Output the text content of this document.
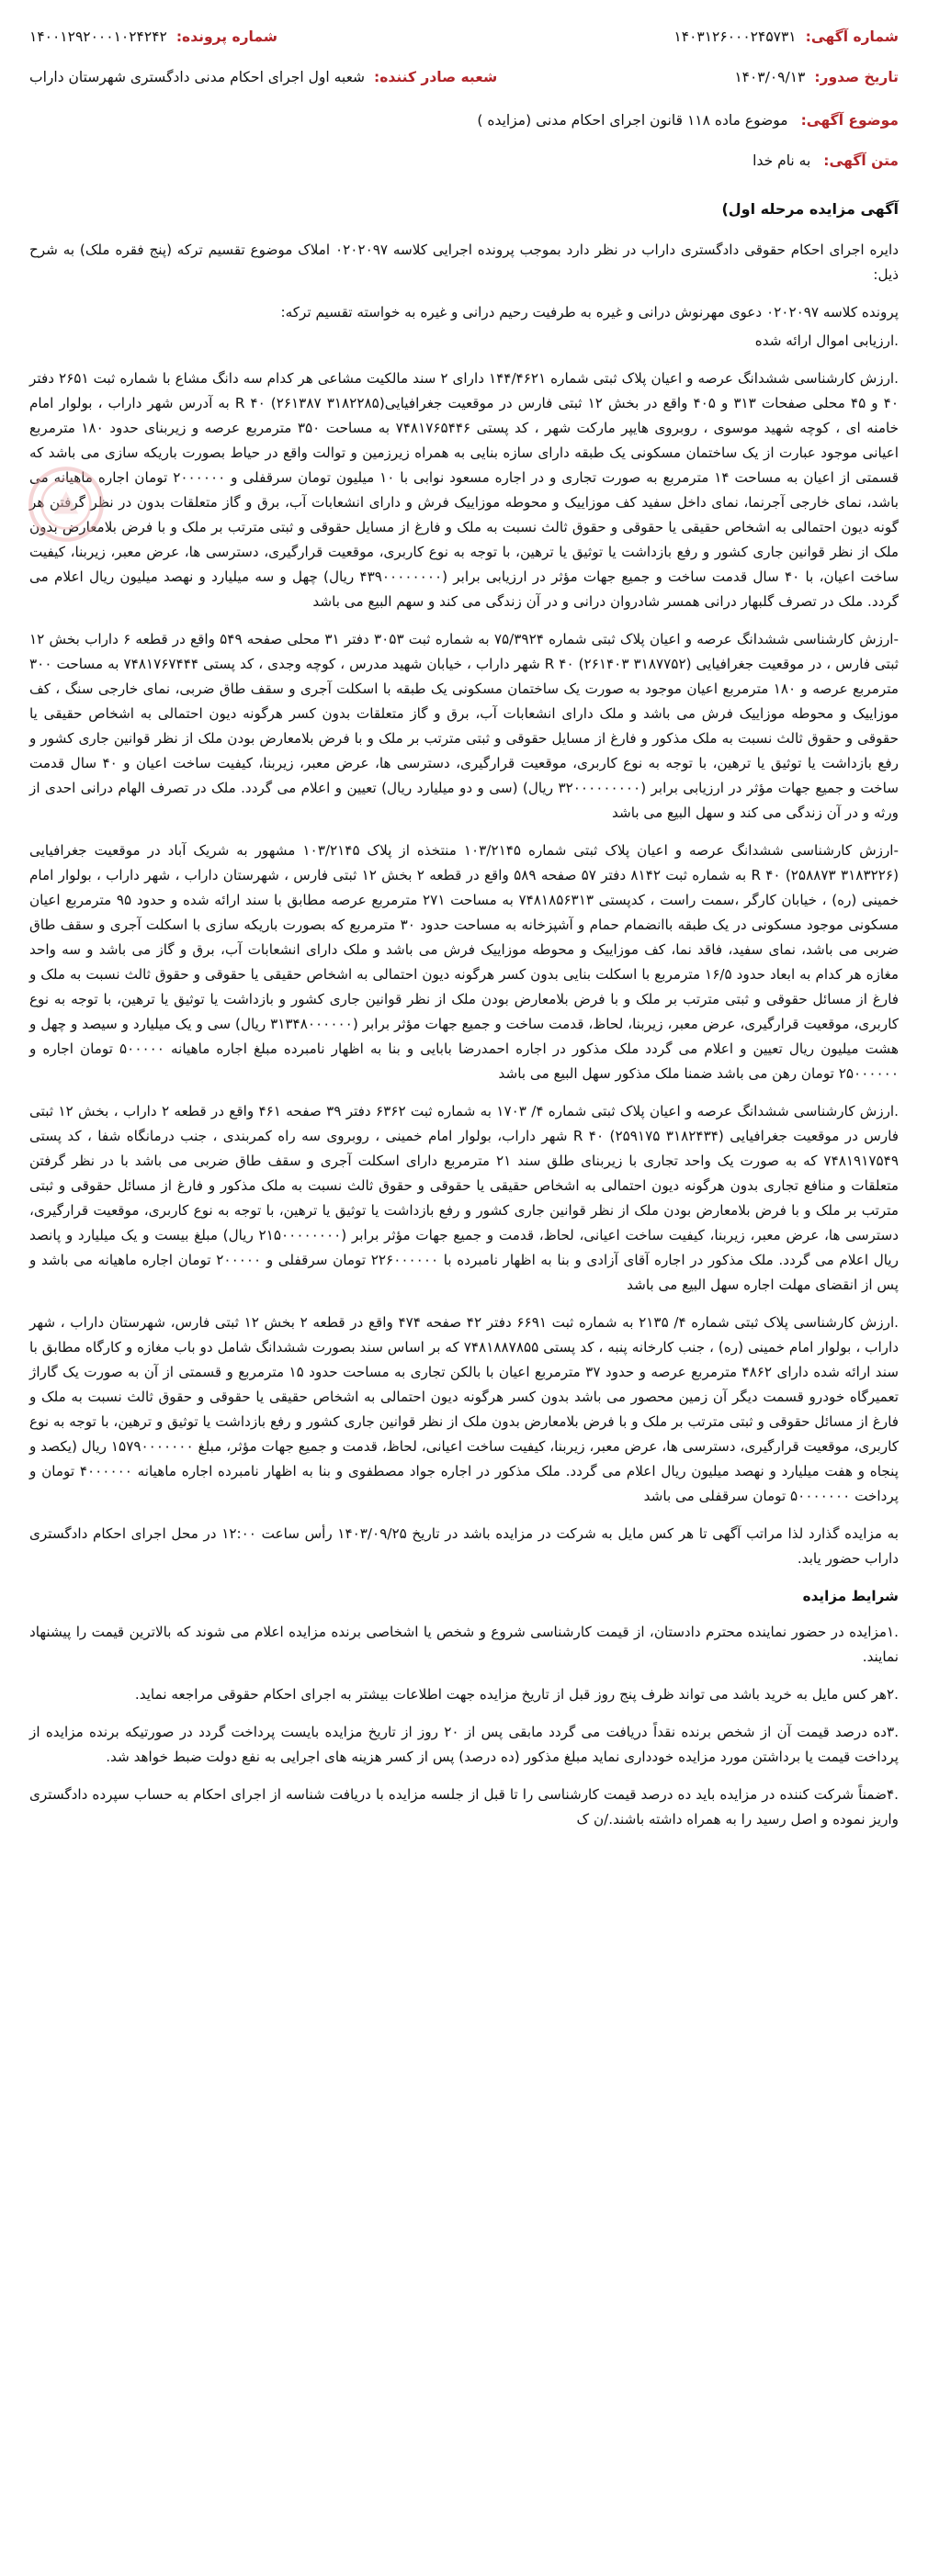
شماره آگهی:
۱۴۰۳۱۲۶۰۰۰۲۴۵۷۳۱
شماره پرونده:
۱۴۰۰۱۲۹۲۰۰۰۱۰۲۴۲۴۲
تاریخ صدور:
۱۴۰۳/۰۹/۱۳
شعبه صادر کننده:
شعبه اول اجرای احکام مدنی دادگستری شهرستان داراب
موضوع آگهی:
موضوع ماده ۱۱۸ قانون اجرای احکام مدنی (مزایده )
متن آگهی:
به نام خدا

آگهی مزایده مرحله اول)

دایره اجرای احکام حقوقی دادگستری داراب در نظر دارد بموجب پرونده اجرایی کلاسه ۰۲۰۲۰۹۷ املاک موضوع تقسیم ترکه (پنج فقره ملک) به شرح ذیل:

پرونده کلاسه ۰۲۰۲۰۹۷ دعوی مهرنوش درانی و غیره به طرفیت رحیم درانی و غیره به خواسته تقسیم ترکه:

.ارزیابی اموال ارائه شده

.ارزش کارشناسی ششدانگ عرصه و اعیان پلاک ثبتی شماره ۱۴۴/۴۶۲۱ دارای ۲ سند مالکیت مشاعی هر کدام سه دانگ مشاع با شماره ثبت ۲۶۵۱ دفتر ۴۰ و ۴۵ محلی صفحات ۳۱۳ و ۴۰۵ واقع در بخش ۱۲ ثبتی فارس در موقعیت جغرافیایی(۳۱۸۲۲۸۵ ۲۶۱۳۸۷) R ۴۰ به آدرس شهر داراب ، بولوار امام خامنه ای ، کوچه شهید موسوی ، روبروی هایپر مارکت شهر ، کد پستی ۷۴۸۱۷۶۵۴۴۶ به مساحت ۳۵۰ مترمربع عرصه و زیربنای حدود ۱۸۰ مترمربع اعیانی موجود عبارت از یک ساختمان مسکونی یک طبقه دارای سازه بنایی به همراه زیرزمین و توالت واقع در حیاط بصورت باریکه سازی می باشد که قسمتی از اعیان به مساحت ۱۴ مترمربع به صورت تجاری و در اجاره مسعود نوابی با ۱۰ میلیون تومان سرقفلی و ۲۰۰۰۰۰۰ تومان اجاره ماهیانه می باشد، نمای خارجی آجرنما، نمای داخل سفید کف موزاییک و محوطه موزاییک فرش و دارای انشعابات آب، برق و گاز متعلقات بدون در نظر گرفتن هر گونه دیون احتمالی به اشخاص حقیقی یا حقوقی و حقوق ثالث نسبت به ملک و فارغ از مسایل حقوقی و ثبتی مترتب بر ملک و با فرض بلامعارض بدون ملک از نظر قوانین جاری کشور و رفع بازداشت یا توثیق یا ترهین، با توجه به نوع کاربری، موقعیت قرارگیری، دسترسی ها، عرض معبر، زیربنا، کیفیت ساخت اعیان، با ۴۰ سال قدمت ساخت و جمیع جهات مؤثر در ارزیابی برابر (۴۳۹۰۰۰۰۰۰۰۰ ریال) چهل و سه میلیارد و نهصد میلیون ریال اعلام می گردد. ملک در تصرف گلبهار درانی همسر شادروان درانی و در آن زندگی می کند و سهم البیع می باشد

-ارزش کارشناسی ششدانگ عرصه و اعیان پلاک ثبتی شماره ۷۵/۳۹۲۴ به شماره ثبت ۳۰۵۳ دفتر ۳۱ محلی صفحه ۵۴۹ واقع در قطعه ۶ داراب بخش ۱۲ ثبتی فارس ، در موقعیت جغرافیایی (۳۱۸۷۷۵۲ ۲۶۱۴۰۳) R ۴۰ شهر داراب ، خیابان شهید مدرس ، کوچه وجدی ، کد پستی ۷۴۸۱۷۶۷۴۴۴ به مساحت ۳۰۰ مترمربع عرصه و ۱۸۰ مترمربع اعیان موجود به صورت یک ساختمان مسکونی یک طبقه با اسکلت آجری و سقف طاق ضربی، نمای خارجی سنگ ، کف موزاییک و محوطه موزاییک فرش می باشد و ملک دارای انشعابات آب، برق و گاز متعلقات بدون کسر هرگونه دیون احتمالی به اشخاص حقیقی یا حقوقی و حقوق ثالث نسبت به ملک مذکور و فارغ از مسایل حقوقی و ثبتی مترتب بر ملک و با فرض بلامعارض بودن ملک از نظر قوانین جاری کشور و رفع بازداشت یا توثیق یا ترهین، با توجه به نوع کاربری، موقعیت قرارگیری، دسترسی ها، عرض معبر، زیربنا، کیفیت ساخت اعیان و ۴۰ سال قدمت ساخت و جمیع جهات مؤثر در ارزیابی برابر (۳۲۰۰۰۰۰۰۰۰۰ ریال) (سی و دو میلیارد ریال) تعیین و اعلام می گردد. ملک در تصرف الهام درانی احدی از ورثه و در آن زندگی می کند و سهل البیع می باشد

-ارزش کارشناسی ششدانگ عرصه و اعیان پلاک ثبتی شماره ۱۰۳/۲۱۴۵ منتخذه از پلاک ۱۰۳/۲۱۴۵ مشهور به شریک آباد در موقعیت جغرافیایی (۳۱۸۳۲۲۶ ۲۵۸۸۷۳) R ۴۰ به شماره ثبت ۸۱۴۲ دفتر ۵۷ صفحه ۵۸۹ واقع در قطعه ۲ بخش ۱۲ ثبتی فارس ، شهرستان داراب ، شهر داراب ، بولوار امام خمینی (ره) ، خیابان کارگر ،سمت راست ، کدپستی ۷۴۸۱۸۵۶۳۱۳ به مساحت ۲۷۱ مترمربع عرصه مطابق با سند ارائه شده و حدود ۹۵ مترمربع اعیان مسکونی موجود مسکونی در یک طبقه باانضمام حمام و آشپزخانه به مساحت حدود ۳۰ مترمربع که بصورت باریکه سازی با اسکلت آجری و سقف طاق ضربی می باشد، نمای سفید، فاقد نما، کف موزاییک و محوطه موزاییک فرش می باشد و ملک دارای انشعابات آب، برق و گاز می باشد و سه واحد مغازه هر کدام به ابعاد حدود ۱۶/۵ مترمربع با اسکلت بنایی بدون کسر هرگونه دیون احتمالی به اشخاص حقیقی یا حقوقی و حقوق ثالث نسبت به ملک و فارغ از مسائل حقوقی و ثبتی مترتب بر ملک و با فرض بلامعارض بودن ملک از نظر قوانین جاری کشور و بازداشت یا توثیق یا ترهین، با توجه به نوع کاربری، موقعیت قرارگیری، عرض معبر، زیربنا، لحاظ، قدمت ساخت و جمیع جهات مؤثر برابر (۳۱۳۴۸۰۰۰۰۰۰ ریال) سی و یک میلیارد و سیصد و چهل و هشت میلیون ریال تعیین و اعلام می گردد ملک مذکور در اجاره احمدرضا بابایی و بنا به اظهار نامبرده مبلغ اجاره ماهیانه ۵۰۰۰۰۰ تومان اجاره و ۲۵۰۰۰۰۰۰ تومان رهن می باشد ضمنا ملک مذکور سهل البیع می باشد

.ارزش کارشناسی ششدانگ عرصه و اعیان پلاک ثبتی شماره ۴/ ۱۷۰۳ به شماره ثبت ۶۳۶۲ دفتر ۳۹ صفحه ۴۶۱ واقع در قطعه ۲ داراب ، بخش ۱۲ ثبتی فارس در موقعیت جغرافیایی (۳۱۸۲۴۳۴ ۲۵۹۱۷۵) R ۴۰ شهر داراب، بولوار امام خمینی ، روبروی سه راه کمربندی ، جنب درمانگاه شفا ، کد پستی ۷۴۸۱۹۱۷۵۴۹ که به صورت یک واحد تجاری با زیربنای طلق سند ۲۱ مترمربع دارای اسکلت آجری و سقف طاق ضربی می باشد با در نظر گرفتن متعلقات و منافع تجاری بدون هرگونه دیون احتمالی به اشخاص حقیقی یا حقوقی و حقوق ثالث نسبت به ملک مذکور و فارغ از مسائل حقوقی و ثبتی مترتب بر ملک و با فرض بلامعارض بودن ملک از نظر قوانین جاری کشور و رفع بازداشت یا توثیق یا ترهین، با توجه به نوع کاربری، موقعیت قرارگیری، دسترسی ها، عرض معبر، زیربنا، کیفیت ساخت اعیانی، لحاظ، قدمت و جمیع جهات مؤثر برابر (۲۱۵۰۰۰۰۰۰۰۰ ریال) مبلغ بیست و یک میلیارد و پانصد ریال اعلام می گردد. ملک مذکور در اجاره آقای آزادی و بنا به اظهار نامبرده با ۲۲۶۰۰۰۰۰۰ تومان سرقفلی و ۲۰۰۰۰۰ تومان اجاره ماهیانه می باشد و پس از انقضای مهلت اجاره سهل البیع می باشد

.ارزش کارشناسی پلاک ثبتی شماره ۴/ ۲۱۳۵ به شماره ثبت ۶۶۹۱ دفتر ۴۲ صفحه ۴۷۴ واقع در قطعه ۲ بخش ۱۲ ثبتی فارس، شهرستان داراب ، شهر داراب ، بولوار امام خمینی (ره) ، جنب کارخانه پنبه ، کد پستی ۷۴۸۱۸۸۷۸۵۵ که بر اساس سند بصورت ششدانگ شامل دو باب مغازه و کارگاه مطابق با سند ارائه شده دارای ۴۸۶۲ مترمربع عرصه و حدود ۳۷ مترمربع اعیان با بالکن تجاری به مساحت حدود ۱۵ مترمربع و قسمتی از آن به صورت یک گاراژ تعمیرگاه خودرو قسمت دیگر آن زمین محصور می باشد بدون کسر هرگونه دیون احتمالی به اشخاص حقیقی یا حقوقی و حقوق ثالث نسبت به ملک و فارغ از مسائل حقوقی و ثبتی مترتب بر ملک و با فرض بلامعارض بدون ملک از نظر قوانین جاری کشور و رفع بازداشت یا توثیق و ترهین، با توجه به نوع کاربری، موقعیت قرارگیری، دسترسی ها، عرض معبر، زیربنا، کیفیت ساخت اعیانی، لحاظ، قدمت و جمیع جهات مؤثر، مبلغ ۱۵۷۹۰۰۰۰۰۰۰ ریال (یکصد و پنجاه و هفت میلیارد و نهصد میلیون ریال اعلام می گردد. ملک مذکور در اجاره جواد مصطفوی و بنا به اظهار نامبرده اجاره ماهیانه ۴۰۰۰۰۰۰ تومان و پرداخت ۵۰۰۰۰۰۰۰ تومان سرقفلی می باشد

به مزایده گذارد لذا مراتب آگهی تا هر کس مایل به شرکت در مزایده باشد در تاریخ ۱۴۰۳/۰۹/۲۵ رأس ساعت ۱۲:۰۰ در محل اجرای احکام دادگستری داراب حضور یابد.

شرایط مزایده

.۱مزایده در حضور نماینده محترم دادستان، از قیمت کارشناسی شروع و شخص یا اشخاصی برنده مزایده اعلام می شوند که بالاترین قیمت را پیشنهاد نمایند.

.۲هر کس مایل به خرید باشد می تواند ظرف پنج روز قبل از تاریخ مزایده جهت اطلاعات بیشتر به اجرای احکام حقوقی مراجعه نماید.

.۳ده درصد قیمت آن از شخص برنده نقداً دریافت می گردد مابقی پس از ۲۰ روز از تاریخ مزایده بایست پرداخت گردد در صورتیکه برنده مزایده از پرداخت قیمت یا برداشتن مورد مزایده خودداری نماید مبلغ مذکور (ده درصد) پس از کسر هزینه های اجرایی به نفع دولت ضبط خواهد شد.

.۴ضمناً شرکت کننده در مزایده باید ده درصد قیمت کارشناسی را تا قبل از جلسه مزایده با دریافت شناسه از اجرای احکام به حساب سپرده دادگستری واریز نموده و اصل رسید را به همراه داشته باشند./ن ک
